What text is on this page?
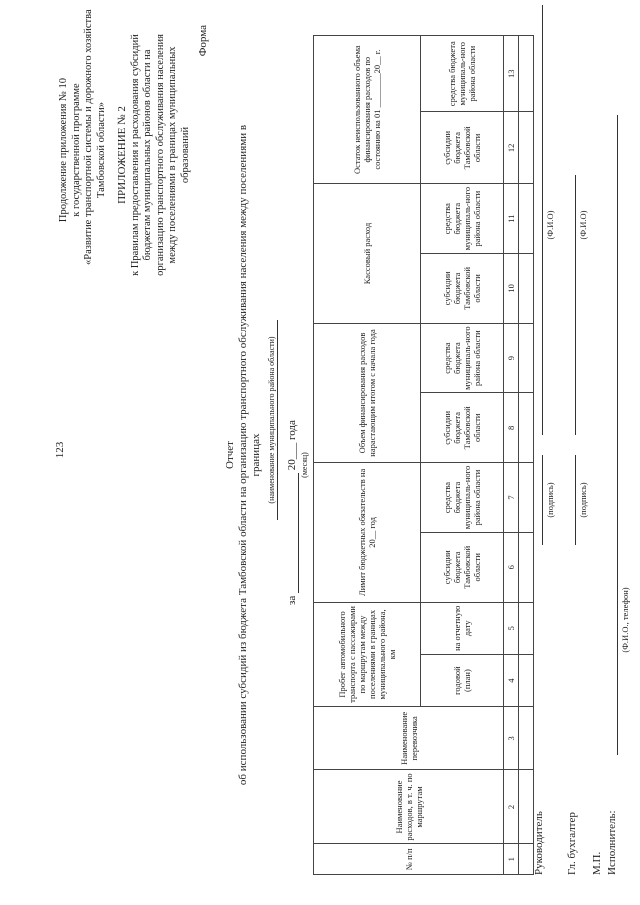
123
Продолжение приложения № 10 к государственной программе «Развитие транспортной системы и дорожного хозяйства Тамбовской области» ПРИЛОЖЕНИЕ № 2 к Правилам предоставления и расходования субсидий бюджетам муниципальных районов области на организацию транспортного обслуживания населения между поселениями в границах муниципальных образований
Форма
Отчет об использовании субсидий из бюджета Тамбовской области на организацию транспортного обслуживания населения между поселениями в границах (наименование муниципального района области)
за   20___ года (месяц)
№ п/п	Наименование расходов, в т. ч. по маршрутам	Наименование перевозчика	Пробег автомобильного транспорта с пассажирами по маршрутам между поселениями в границах муниципального района, км		Лимит бюджетных обязательств на 20__ год		Объем финансирования расходов нарастающим итогом с начала года		Кассовый расход		Остаток неиспользованного объема финансирования расходов по состоянию на 01 ________20__ г.	
			годовой (план)	на отчетную дату	субсидии бюджета Тамбовской области	средства бюджета муниципаль-ного района области	субсидии бюджета Тамбовской области	средства бюджета муниципаль-ного района области	субсидии бюджета Тамбовской области	средства бюджета муниципаль-ного района области	субсидии бюджета Тамбовской области	средства бюджета муниципаль-ного района области
1	2	3	4	5	6	7	8	9	10	11	12	13

Руководитель
(подпись)
(Ф.И.О)
Гл. бухгалтер
(подпись)
(Ф.И.О)
М.П. Исполнитель:
(Ф.И.О., телефон)
